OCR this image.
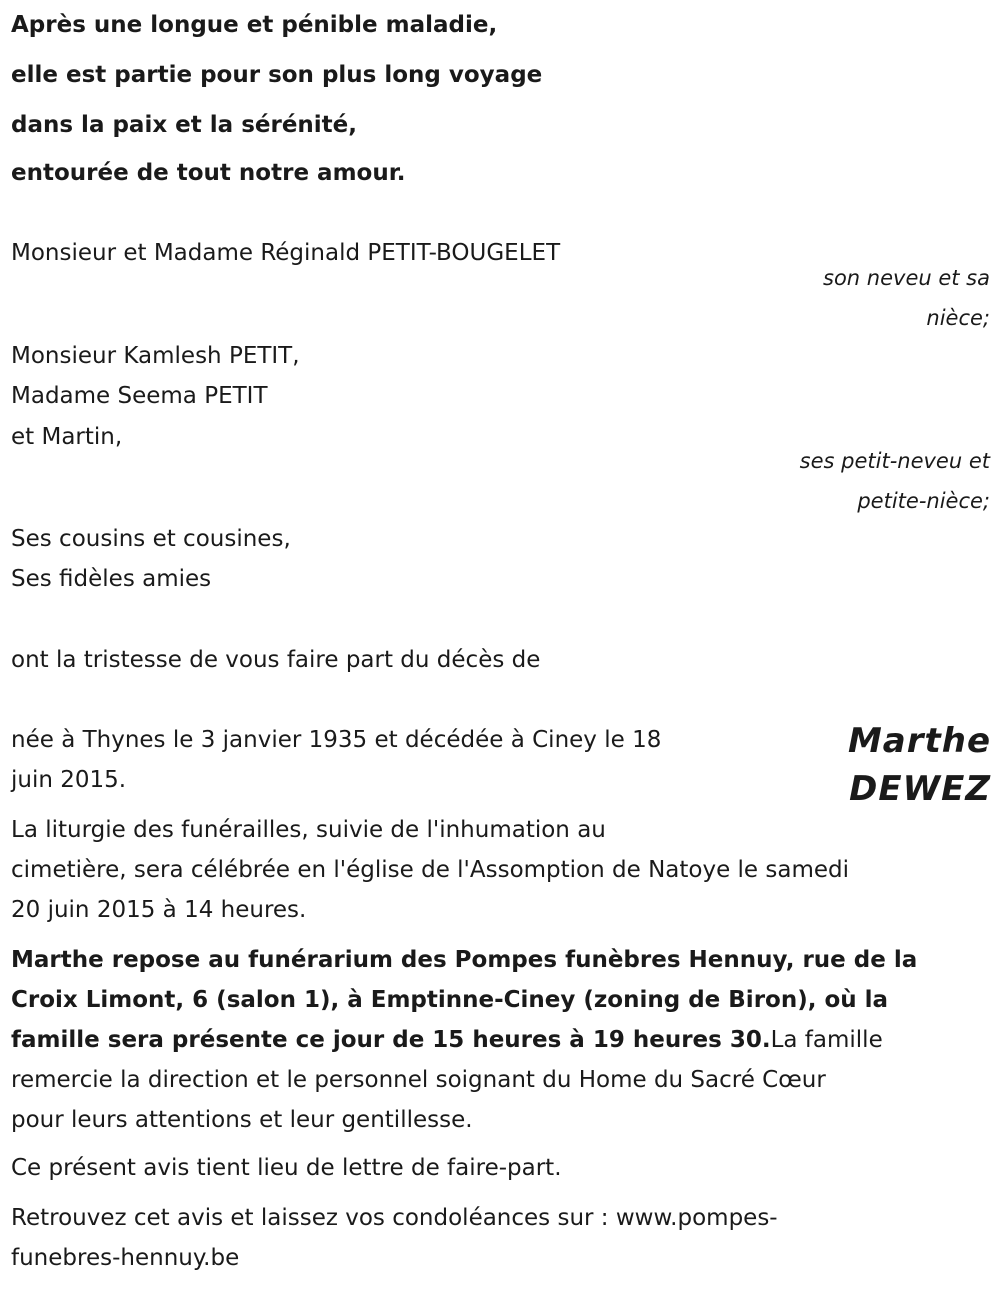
Après une longue et pénible maladie,

elle est partie pour son plus long voyage

dans la paix et la sérénité,

entourée de tout notre amour.

Monsieur et Madame Réginald PETIT-BOUGELET

son neveu et sa

nièce;

Monsieur Kamlesh PETIT,

Madame Seema PETIT

et Martin,

ses petit-neveu et

petite-nièce;

Ses cousins et cousines,

Ses fidèles amies

ont la tristesse de vous faire part du décès de

Marthe

DEWEZ

née à Thynes le 3 janvier 1935 et décédée à Ciney le 18

juin 2015.

La liturgie des funérailles, suivie de l'inhumation au

cimetière, sera célébrée en l'église de l'Assomption de Natoye le samedi

20 juin 2015 à 14 heures.

Marthe repose au funérarium des Pompes funèbres Hennuy, rue de la

Croix Limont, 6 (salon 1), à Emptinne-Ciney (zoning de Biron), où la

famille sera présente ce jour de 15 heures à 19 heures 30.La famille

remercie la direction et le personnel soignant du Home du Sacré Cœur

pour leurs attentions et leur gentillesse.

Ce présent avis tient lieu de lettre de faire-part.

Retrouvez cet avis et laissez vos condoléances sur : www.pompes-

funebres-hennuy.be
